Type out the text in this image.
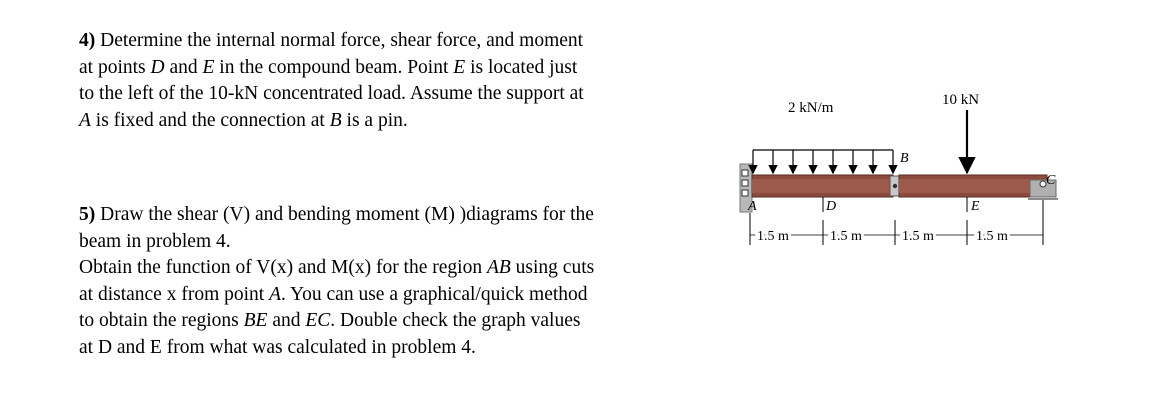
4) Determine the internal normal force, shear force, and moment
at points D and E in the compound beam. Point E is located just
to the left of the 10-kN concentrated load. Assume the support at
A is fixed and the connection at B is a pin.
5) Draw the shear (V) and bending moment (M) )diagrams for the
beam in problem 4.
Obtain the function of V(x) and M(x) for the region AB using cuts
at distance x from point A. You can use a graphical/quick method
to obtain the regions BE and EC. Double check the graph values
at D and E from what was calculated in problem 4.
2 kN/m	10 kN
A
B
C
D	E
1.5 m	1.5 m	1.5 m	1.5 m
